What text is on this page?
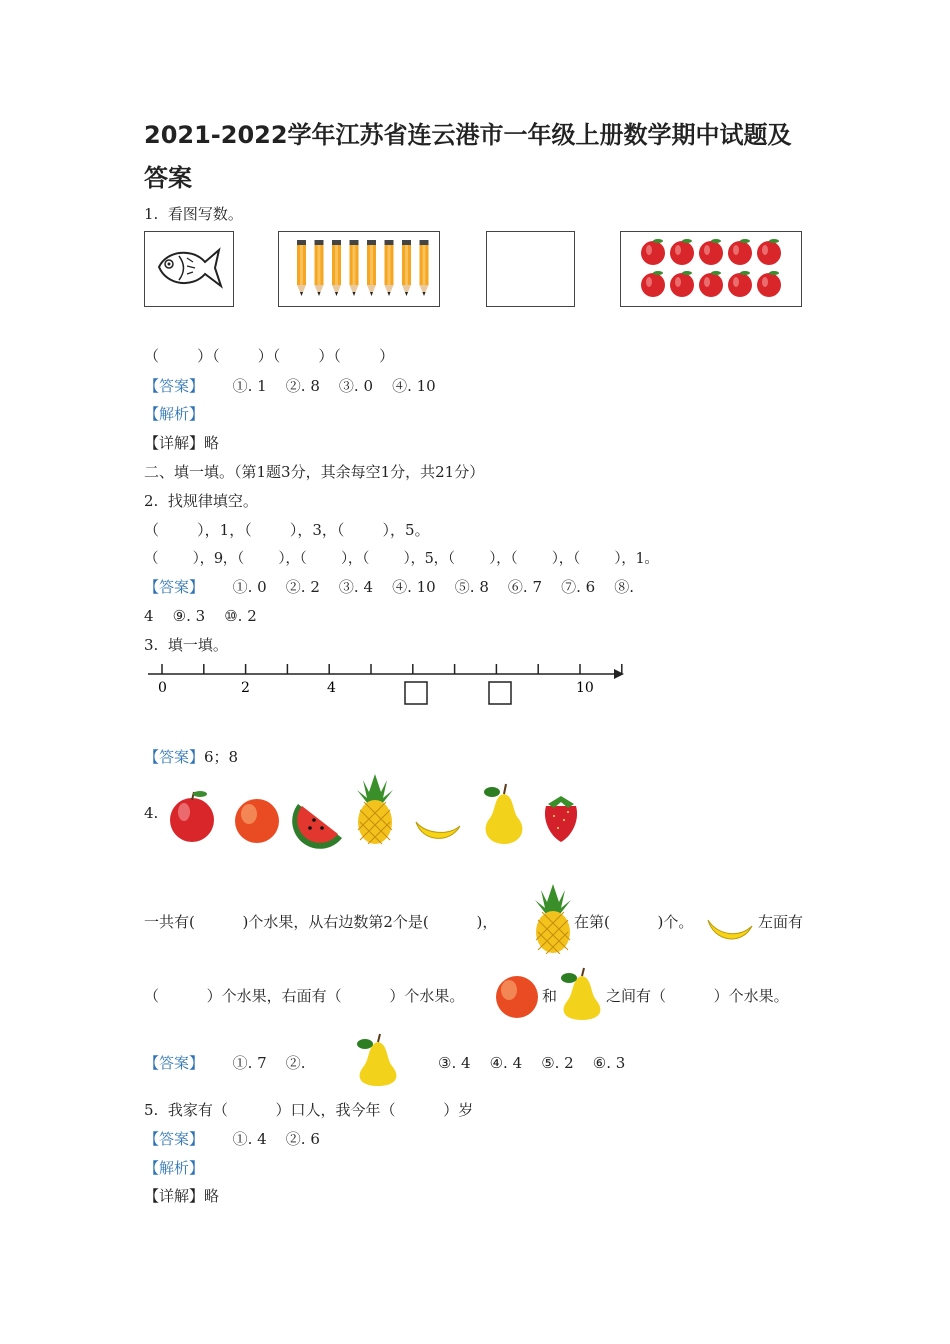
2021-2022学年江苏省连云港市一年级上册数学期中试题及答案
1.  看图写数。
（        ）（        ）（        ）（        ）
【答案】 ①. 1    ②. 8    ③. 0    ④. 10
【解析】
【详解】略
二、填一填。（第1题3分，其余每空1分，共21分）
2.  找规律填空。
（        ），1，（        ），3，（        ），5。
（        ），9，（        ），（        ），（        ），5，（        ），（        ），（        ），1。
【答案】 ①. 0    ②. 2    ③. 4    ④. 10    ⑤. 8    ⑥. 7    ⑦. 6    ⑧.
4    ⑨. 3    ⑩. 2
3.  填一填。
0	2	4	10
【答案】6；8
4.
一共有(          )个水果，从右边数第2个是(          )，	在第(          )个。	左面有
（          ）个水果，右面有（          ）个水果。	和	之间有（          ）个水果。
【答案】 ①. 7    ②.	③. 4    ④. 4    ⑤. 2    ⑥. 3
5.  我家有（          ）口人，我今年（          ）岁
【答案】 ①. 4    ②. 6
【解析】
【详解】略
